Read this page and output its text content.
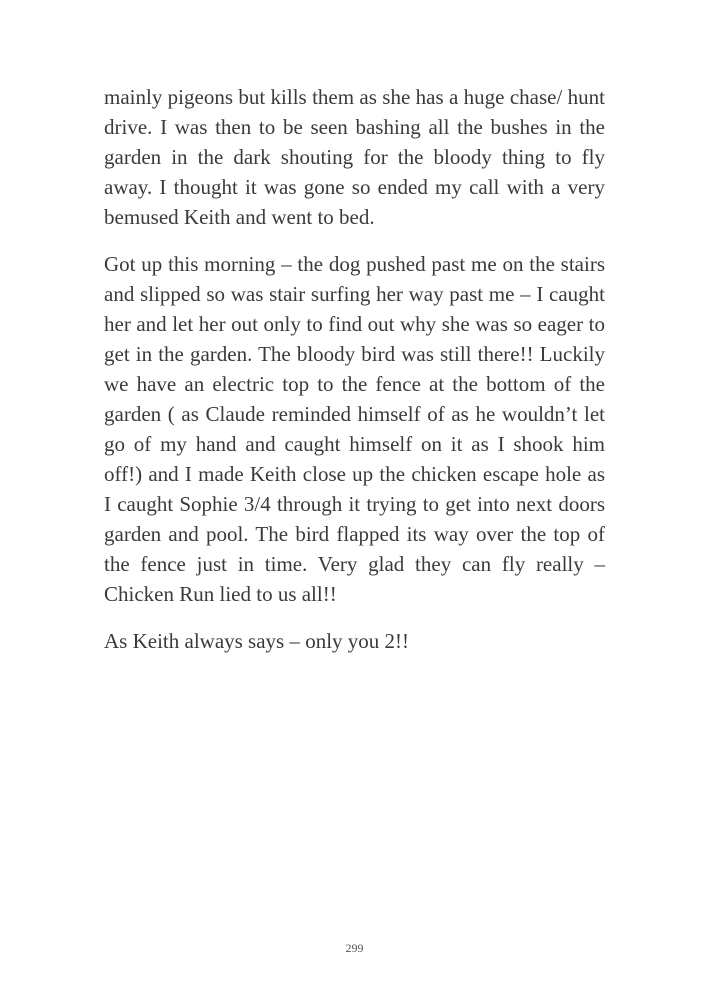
mainly pigeons but kills them as she has a huge chase/ hunt drive. I was then to be seen bashing all the bushes in the garden in the dark shouting for the bloody thing to fly away. I thought it was gone so ended my call with a very bemused Keith and went to bed.

Got up this morning – the dog pushed past me on the stairs and slipped so was stair surfing her way past me – I caught her and let her out only to find out why she was so eager to get in the garden. The bloody bird was still there!! Luckily we have an electric top to the fence at the bottom of the garden ( as Claude reminded himself of as he wouldn’t let go of my hand and caught himself on it as I shook him off!) and I made Keith close up the chicken escape hole as I caught Sophie 3/4 through it trying to get into next doors garden and pool. The bird flapped its way over the top of the fence just in time. Very glad they can fly really – Chicken Run lied to us all!!

As Keith always says – only you 2!!

299
